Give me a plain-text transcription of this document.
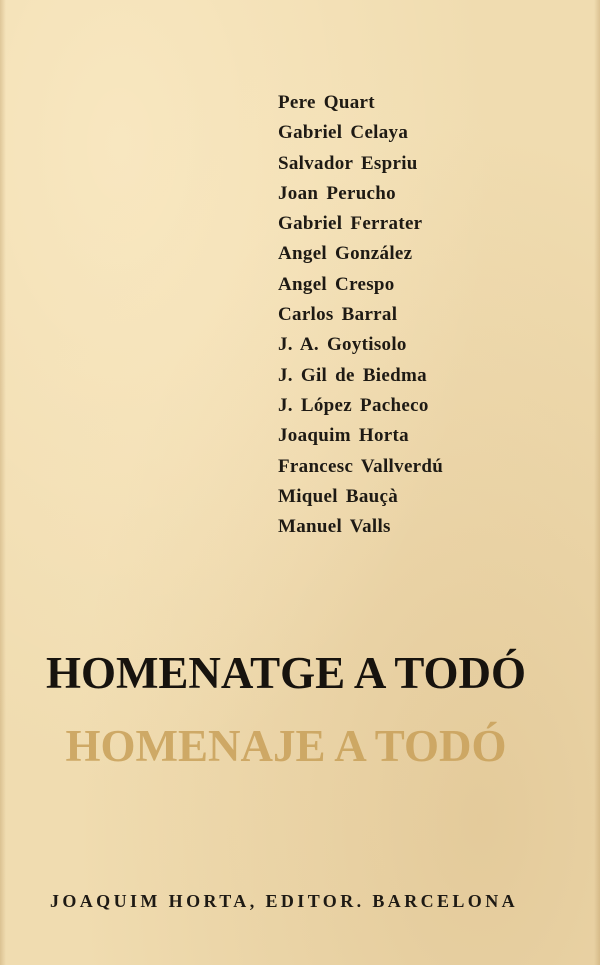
Pere Quart
Gabriel Celaya
Salvador Espriu
Joan Perucho
Gabriel Ferrater
Angel González
Angel Crespo
Carlos Barral
J. A. Goytisolo
J. Gil de Biedma
J. López Pacheco
Joaquim Horta
Francesc Vallverdú
Miquel Bauçà
Manuel Valls
HOMENATGE A TODÓ
HOMENAJE A TODÓ
JOAQUIM HORTA, EDITOR. BARCELONA
